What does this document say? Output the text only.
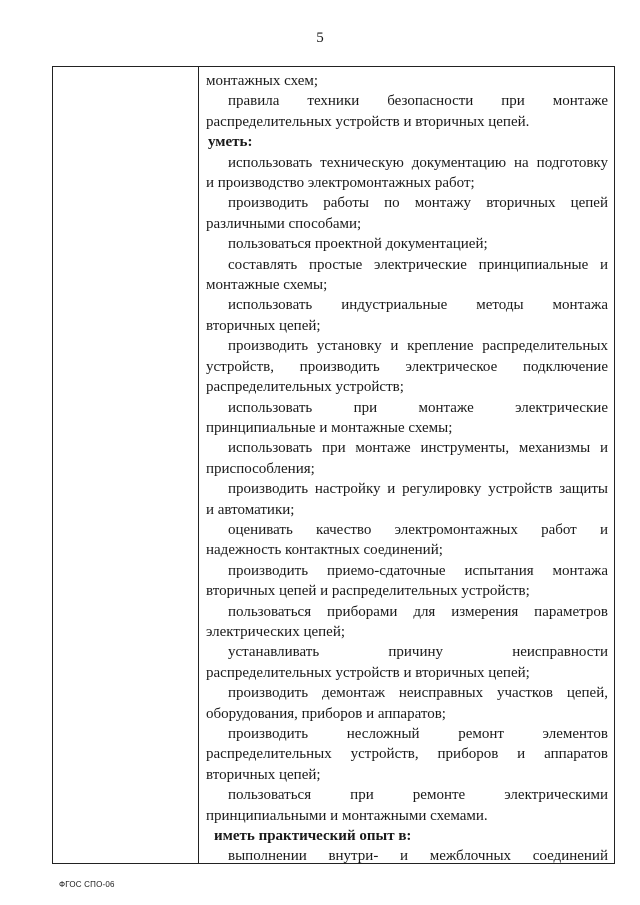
5

монтажных схем;

правила техники безопасности при монтаже
распределительных устройств и вторичных цепей.

уметь:

использовать техническую документацию на подготовку
и производство электромонтажных работ;

производить работы по монтажу вторичных цепей
различными способами;

пользоваться проектной документацией;

составлять простые электрические принципиальные и
монтажные схемы;

использовать индустриальные методы монтажа
вторичных цепей;

производить установку и крепление распределительных
устройств, производить электрическое подключение
распределительных устройств;

использовать при монтаже электрические
принципиальные и монтажные схемы;

использовать при монтаже инструменты, механизмы и
приспособления;

производить настройку и регулировку устройств защиты
и автоматики;

оценивать качество электромонтажных работ и
надежность контактных соединений;

производить приемо-сдаточные испытания монтажа
вторичных цепей и распределительных устройств;

пользоваться приборами для измерения параметров
электрических цепей;

устанавливать причину неисправности
распределительных устройств и вторичных цепей;

производить демонтаж неисправных участков цепей,
оборудования, приборов и аппаратов;

производить несложный ремонт элементов
распределительных устройств, приборов и аппаратов
вторичных цепей;

пользоваться при ремонте электрическими
принципиальными и монтажными схемами.

иметь практический опыт в:

выполнении внутри- и межблочных соединений

ФГОС СПО-06
